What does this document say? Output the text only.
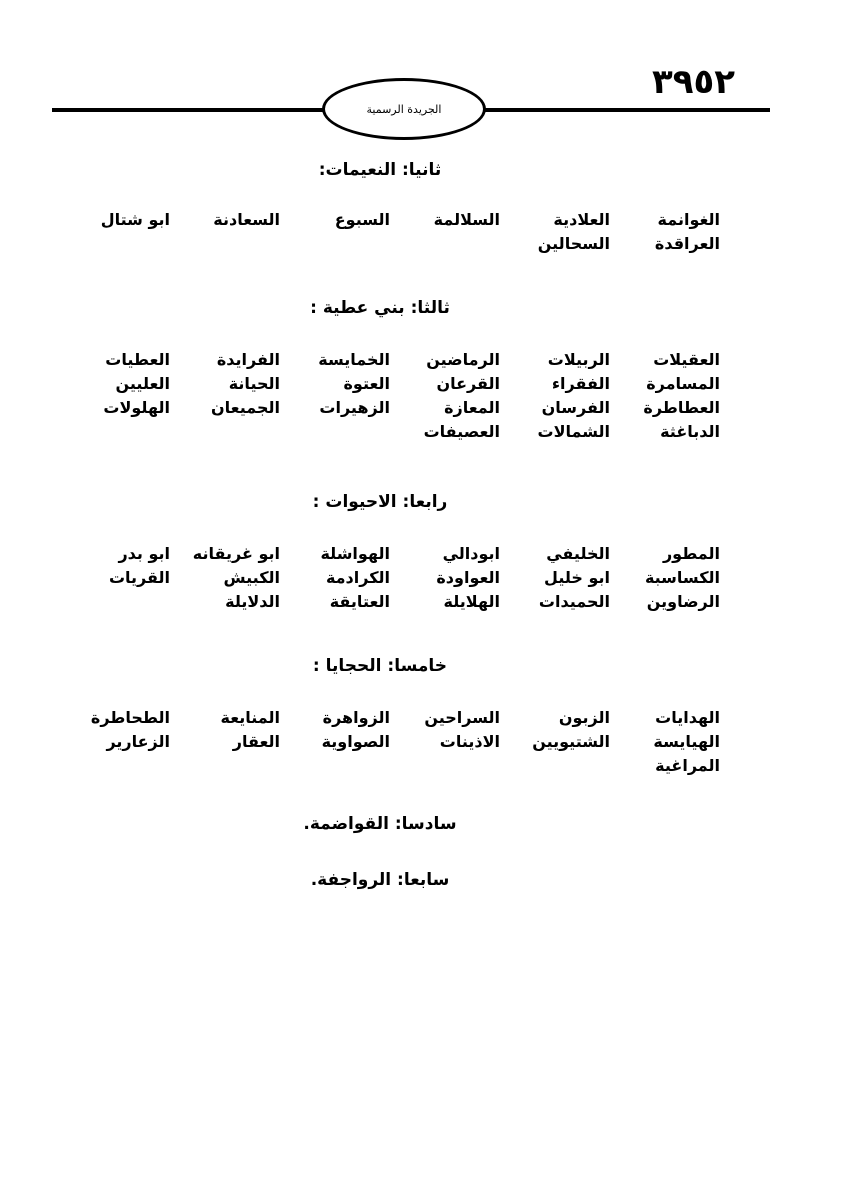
٣٩٥٢
الجريدة الرسمية
ثانيا: النعيمات:
الغوانمة
العلادية
السلالمة
السبوع
السعادنة
ابو شتال
العراقدة
السحالين
ثالثا: بني عطية :
العقيلات
الربيلات
الرماضين
الخمايسة
الفرايدة
العطيات
المسامرة
الفقراء
القرعان
العتوة
الحيانة
العليين
العطاطرة
الفرسان
المعازة
الزهيرات
الجميعان
الهلولات
الدباغثة
الشمالات
العصيفات
رابعا: الاحيوات :
المطور
الخليفي
ابودالي
الهواشلة
ابو غريقانه
ابو بدر
الكساسبة
ابو خليل
العواودة
الكرادمة
الكبيش
القريات
الرضاوين
الحميدات
الهلايلة
العتايقة
الدلايلة
خامسا: الحجايا :
الهدايات
الزبون
السراحين
الزواهرة
المنايعة
الطحاطرة
الهيايسة
الشتيويين
الاذينات
الصواوية
العقار
الزعارير
المراغية
سادسا: القواضمة.
سابعا: الرواجفة.
